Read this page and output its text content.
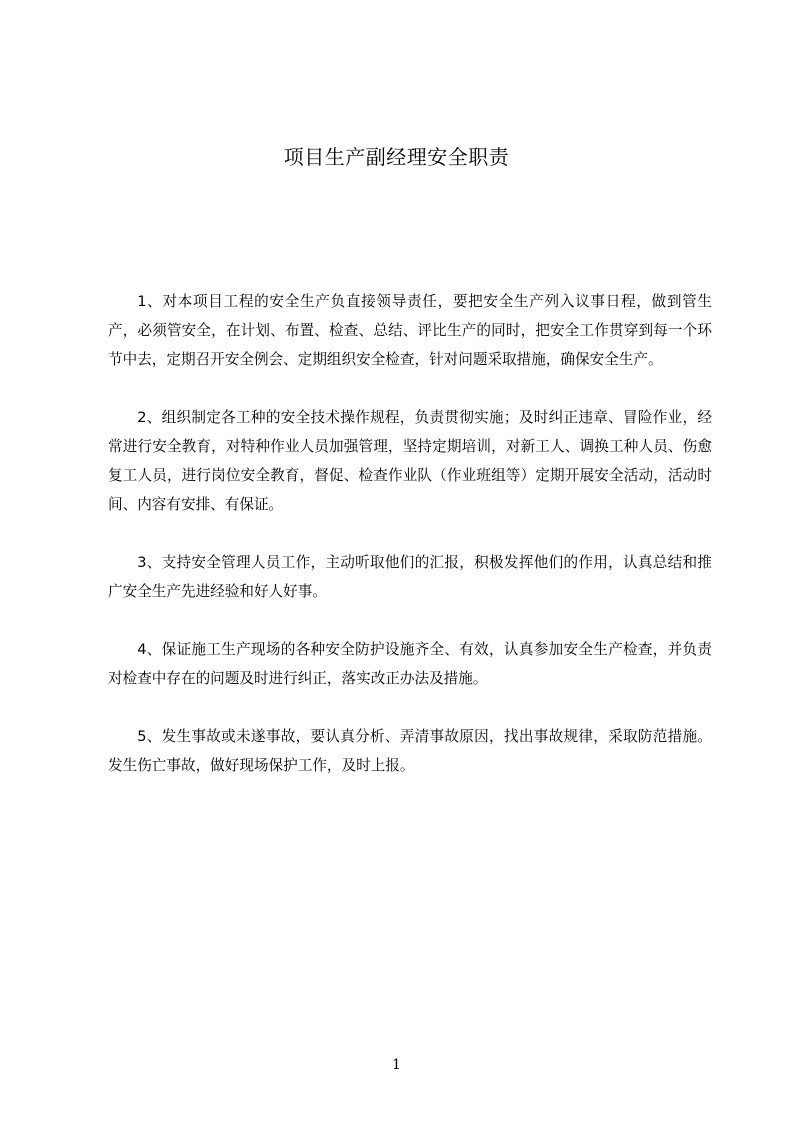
项目生产副经理安全职责

1、对本项目工程的安全生产负直接领导责任，要把安全生产列入议事日程，做到管生产，必须管安全，在计划、布置、检查、总结、评比生产的同时，把安全工作贯穿到每一个环节中去，定期召开安全例会、定期组织安全检查，针对问题采取措施，确保安全生产。

2、组织制定各工种的安全技术操作规程，负责贯彻实施；及时纠正违章、冒险作业，经常进行安全教育，对特种作业人员加强管理，坚持定期培训，对新工人、调换工种人员、伤愈复工人员，进行岗位安全教育，督促、检查作业队（作业班组等）定期开展安全活动，活动时间、内容有安排、有保证。

3、支持安全管理人员工作，主动听取他们的汇报，积极发挥他们的作用，认真总结和推广安全生产先进经验和好人好事。

4、保证施工生产现场的各种安全防护设施齐全、有效，认真参加安全生产检查，并负责对检查中存在的问题及时进行纠正，落实改正办法及措施。

5、发生事故或未遂事故，要认真分析、弄清事故原因，找出事故规律，采取防范措施。发生伤亡事故，做好现场保护工作，及时上报。

1
